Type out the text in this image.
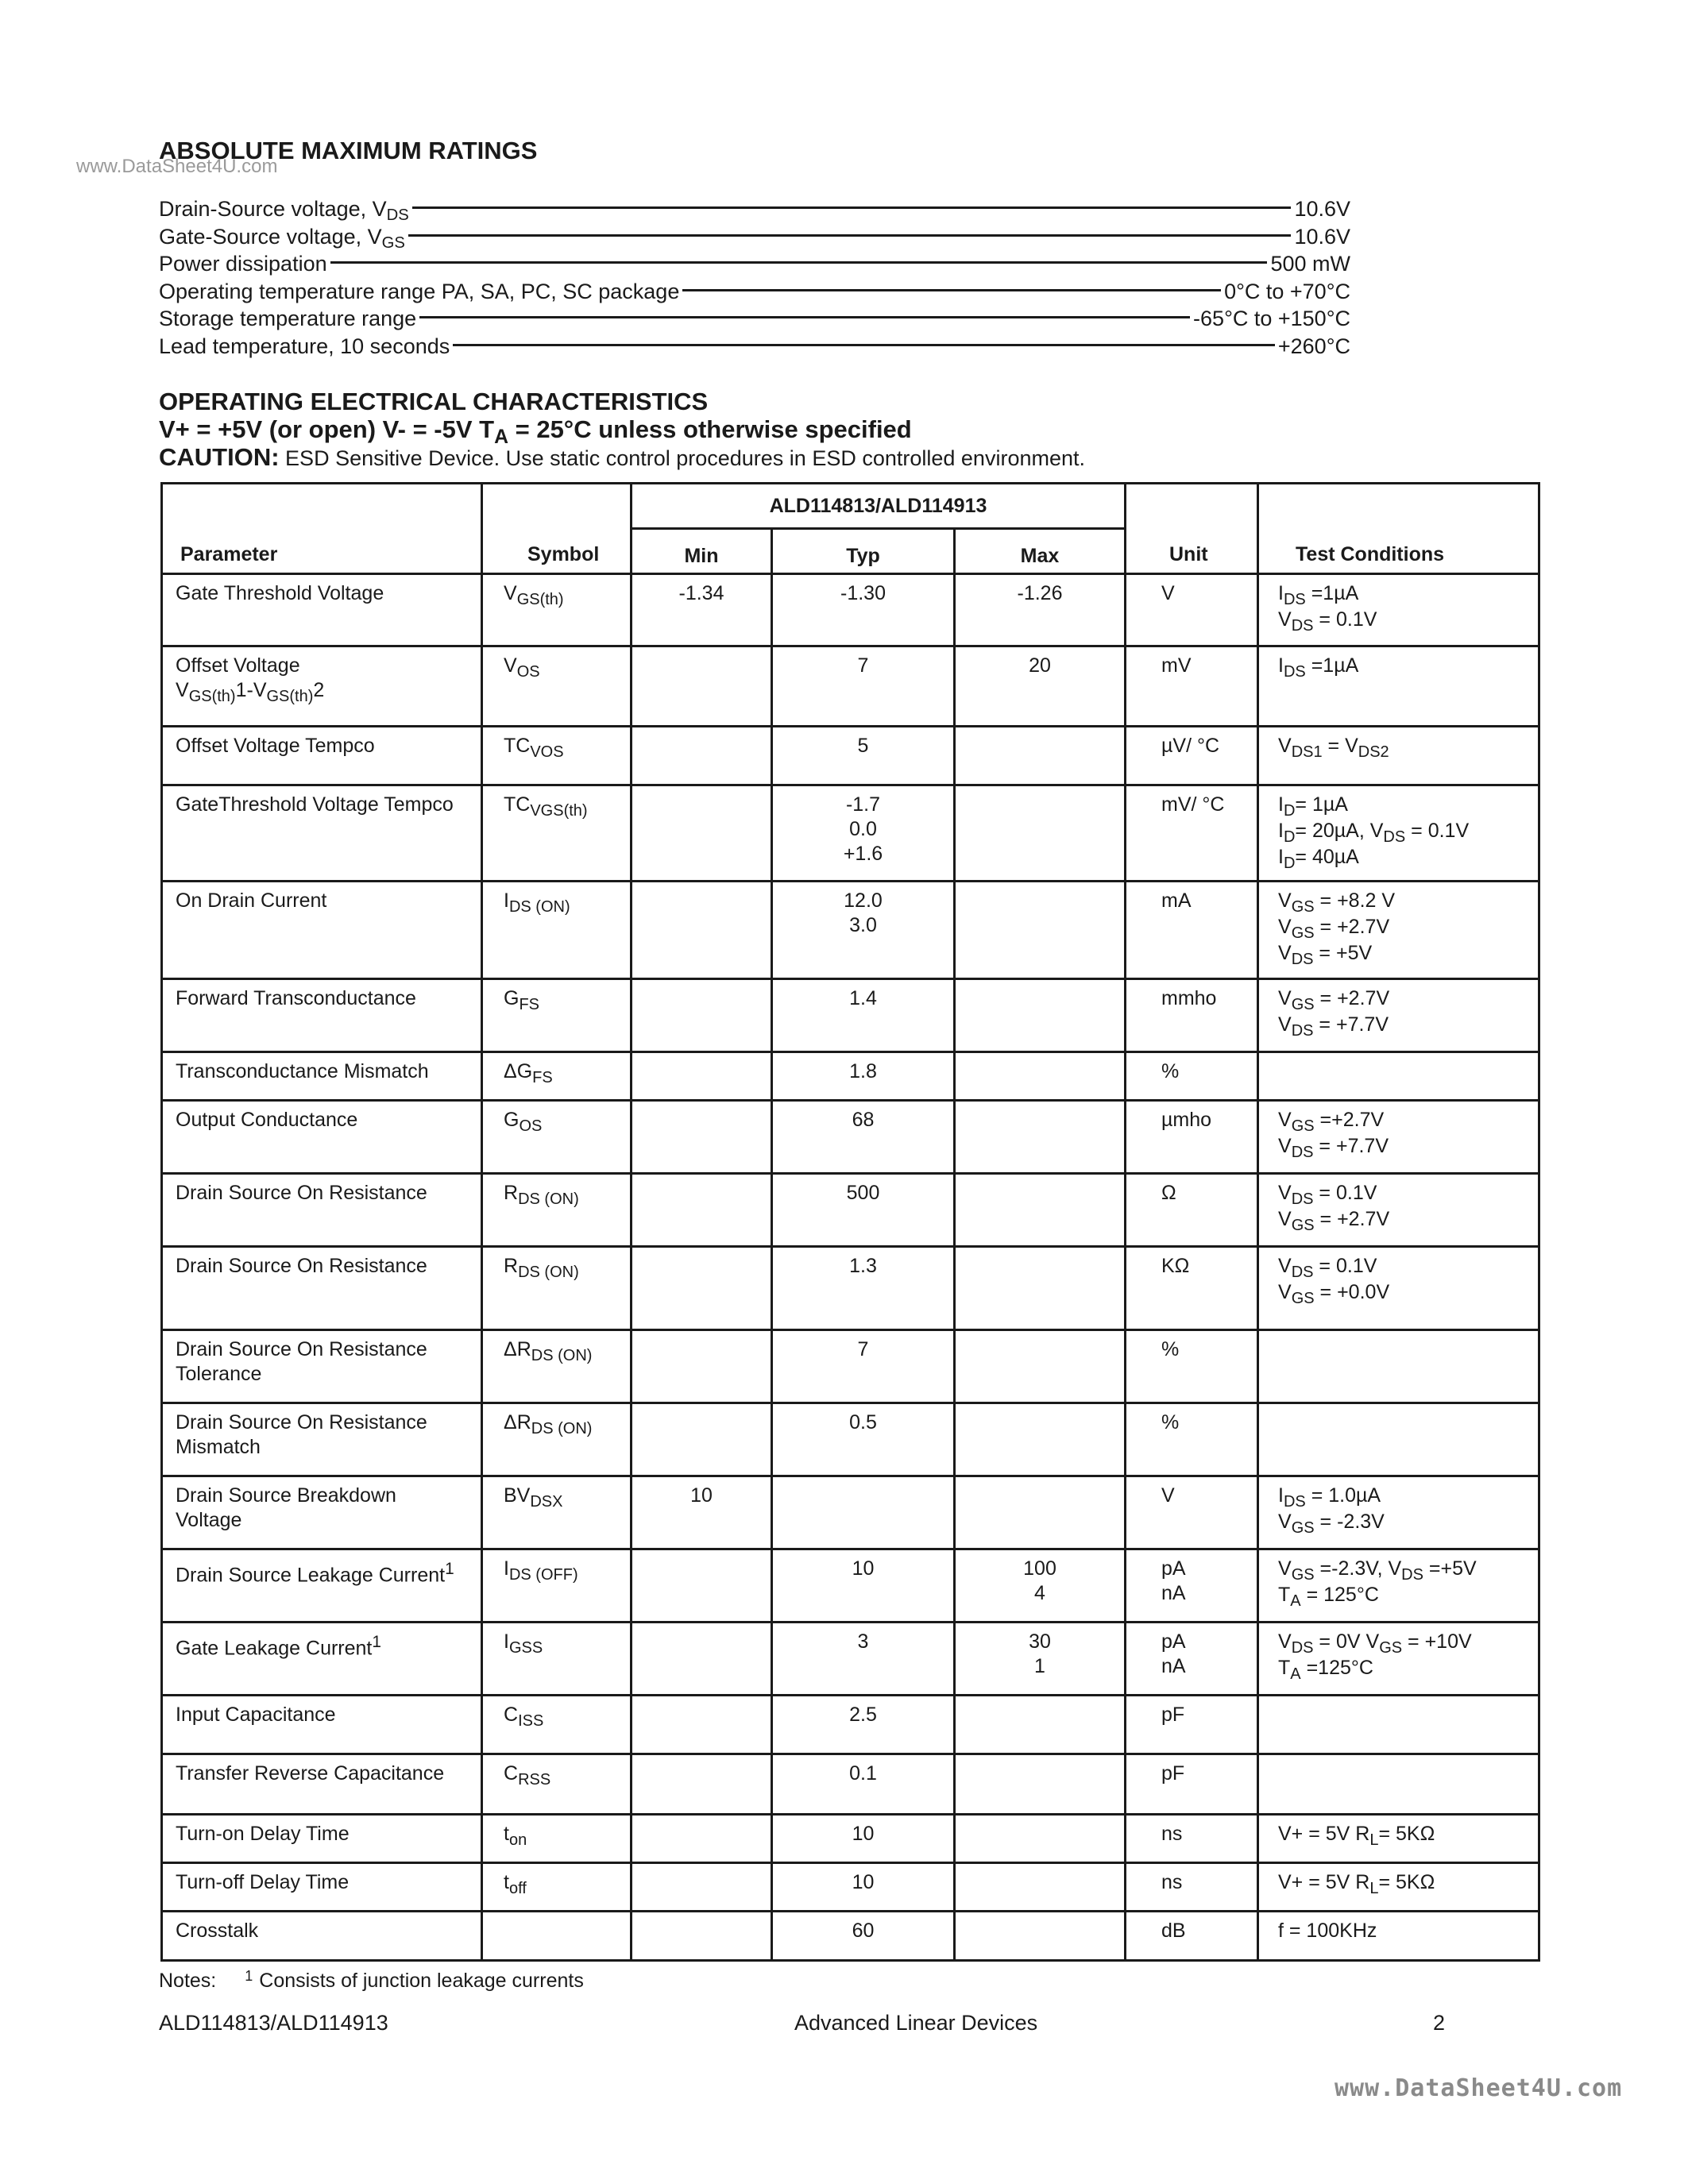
www.DataSheet4U.com
ABSOLUTE MAXIMUM RATINGS
Drain-Source voltage, $V_{DS}$	10.6V
Gate-Source voltage, $V_{GS}$	10.6V
Power dissipation	500 mW
Operating temperature range PA, SA, PC, SC package	0°C to +70°C
Storage temperature range	-65°C to +150°C
Lead temperature, 10 seconds	+260°C
OPERATING ELECTRICAL CHARACTERISTICS
V+ = +5V (or open) V- = -5V $T_A = 25^\circ C$ unless otherwise specified
CAUTION: ESD Sensitive Device. Use static control procedures in ESD controlled environment.
Parameter	Symbol	ALD114813/ALD114913			Unit	Test Conditions
		Min	Typ	Max		

Gate Threshold Voltage	$V_{GS(th)}$	-1.34	-1.30	-1.26	V	$I_{DS} =1\mu A$
$V_{DS} = 0.1V$

Offset Voltage
$V_{GS(th)}1-V_{GS(th)}2$	$V_{OS}$		7	20	mV	$I_{DS} =1\mu A$

Offset Voltage Tempco	$TC_{VOS}$		5		µV/ °C	$V_{DS1} = V_{DS2}$

GateThreshold Voltage Tempco	$TC_{VGS(th)}$		-1.7
0.0
+1.6		mV/ °C	$I_D= 1\mu A$
$I_D= 20\mu A$, $V_{DS} = 0.1V$
$I_D= 40\mu A$

On Drain Current	$I_{DS (ON)}$		12.0
3.0		mA	$V_{GS} = +8.2$ V
$V_{GS} = +2.7V$
$V_{DS} = +5V$

Forward Transconductance	$G_{FS}$		1.4		mmho	$V_{GS} = +2.7V$
$V_{DS} = +7.7V$

Transconductance Mismatch	$\Delta G_{FS}$		1.8		%	

Output Conductance	$G_{OS}$		68		µmho	$V_{GS} =+2.7V$
$V_{DS} = +7.7V$

Drain Source On Resistance	$R_{DS (ON)}$		500		Ω	$V_{DS} = 0.1V$
$V_{GS} = +2.7V$

Drain Source On Resistance	$R_{DS (ON)}$		1.3		KΩ	$V_{DS} = 0.1V$
$V_{GS} = +0.0V$

Drain Source On Resistance
Tolerance	$\Delta R_{DS (ON)}$		7		%	

Drain Source On Resistance
Mismatch	$\Delta R_{DS (ON)}$		0.5		%	

Drain Source Breakdown
Voltage	$BV_{DSX}$	10			V	$I_{DS} = 1.0\mu A$
$V_{GS} = -2.3V$

Drain Source Leakage Current$^1$	$I_{DS (OFF)}$		10	100
4	pA
nA	$V_{GS} =-2.3V$, $V_{DS} =+5V$
$T_A = 125^\circ C$

Gate Leakage Current$^1$	$I_{GSS}$		3	30
1	pA
nA	$V_{DS} = 0V$ $V_{GS} = +10V$
$T_A =125^\circ C$

Input Capacitance	$C_{ISS}$		2.5		pF	

Transfer Reverse Capacitance	$C_{RSS}$		0.1		pF	

Turn-on Delay Time	$t_{on}$		10		ns	V+ = 5V $R_L= 5K\Omega$

Turn-off Delay Time	$t_{off}$		10		ns	V+ = 5V $R_L= 5K\Omega$

Crosstalk			60		dB	f = 100KHz
Notes: $^1$ Consists of junction leakage currents
ALD114813/ALD114913	Advanced Linear Devices	2
www.DataSheet4U.com
